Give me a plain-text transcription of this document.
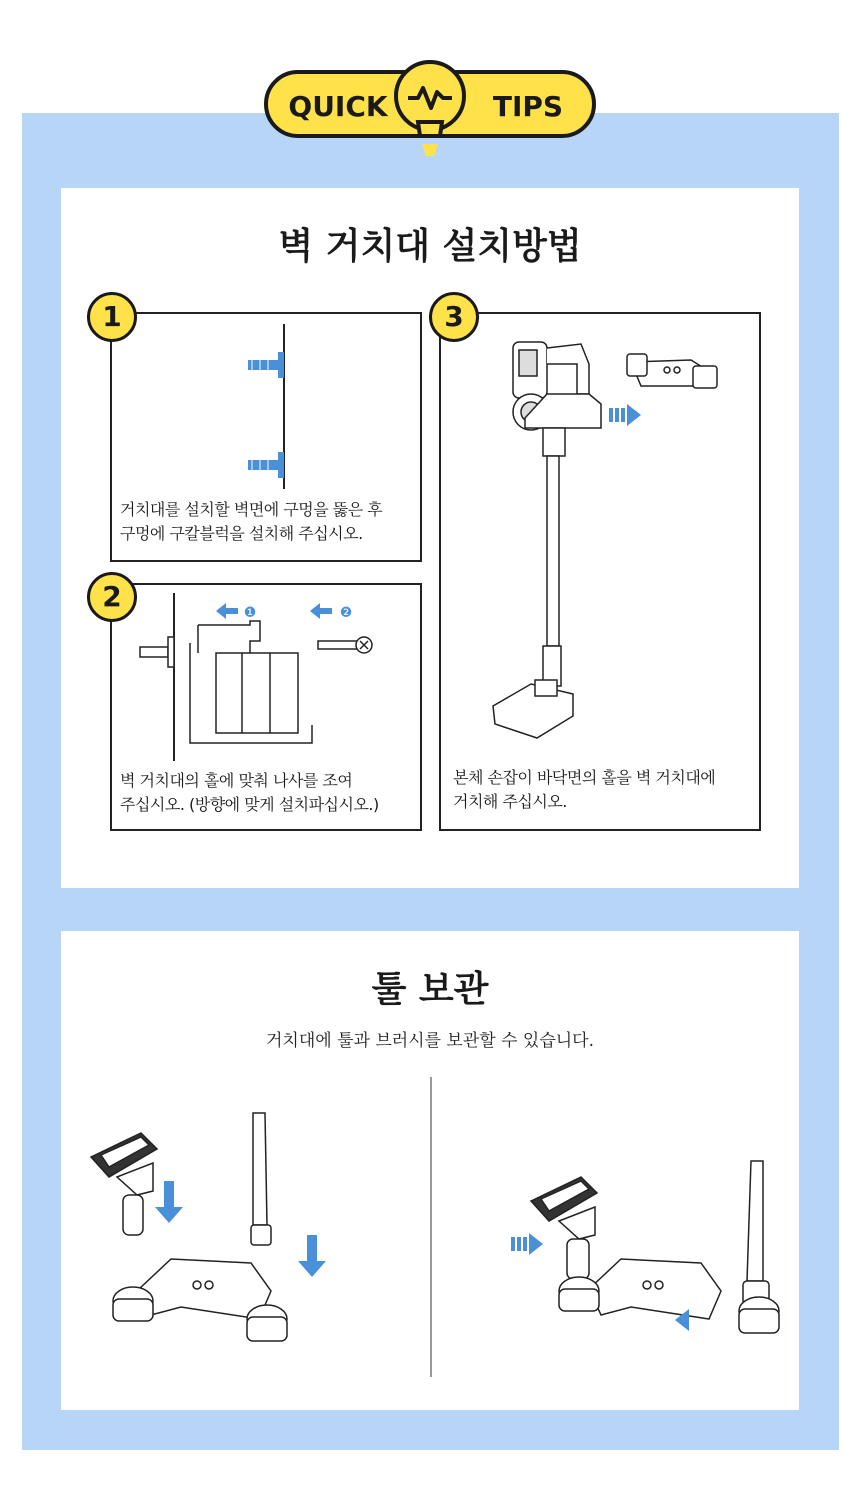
QUICK	TIPS
벽 거치대 설치방법
거치대를 설치할 벽면에 구멍을 뚫은 후
구멍에 구칼블럭을 설치해 주십시오.
1
❶	❷
벽 거치대의 홀에 맞춰 나사를 조여
주십시오. (방향에 맞게 설치파십시오.)
2
본체 손잡이 바닥면의 홀을 벽 거치대에
거치해 주십시오.
3
툴 보관
거치대에 툴과 브러시를 보관할 수 있습니다.
